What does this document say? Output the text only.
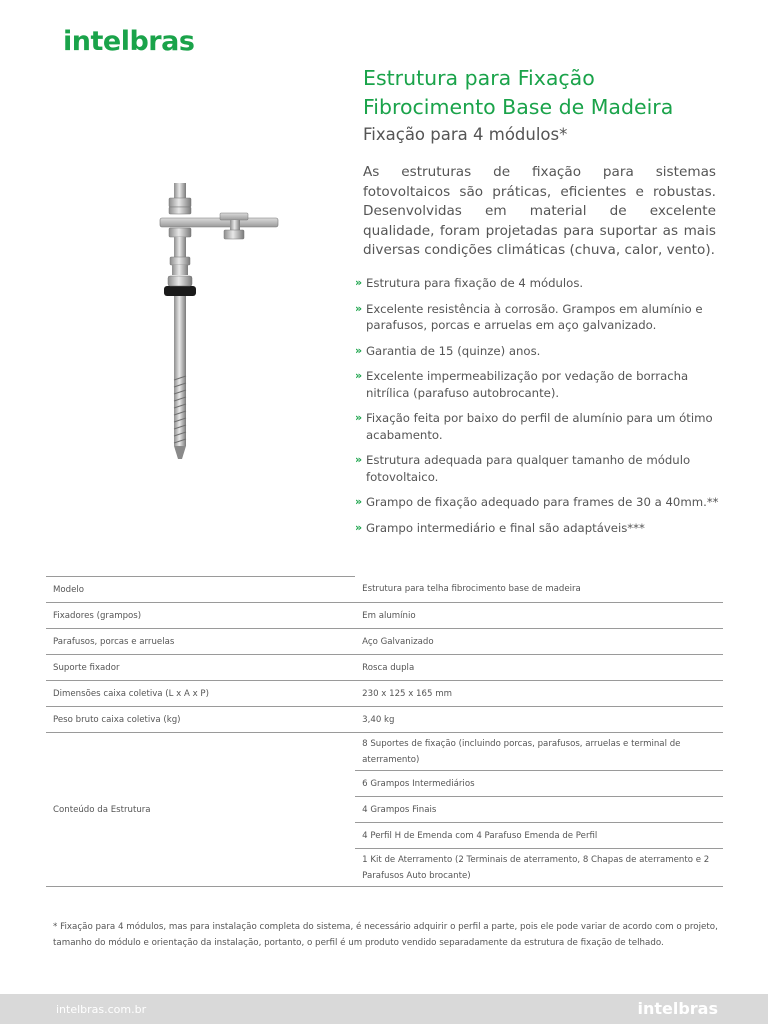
intelbras
Estrutura para Fixação
Fibrocimento Base de Madeira
Fixação para 4 módulos*
As estruturas de fixação para sistemas fotovoltaicos são práticas, eficientes e robustas. Desenvolvidas em material de excelente qualidade, foram projetadas para suportar as mais diversas condições climáticas (chuva, calor, vento).
» Estrutura para fixação de 4 módulos.
» Excelente resistência à corrosão. Grampos em alumínio e parafusos, porcas e arruelas em aço galvanizado.
» Garantia de 15 (quinze) anos.
» Excelente impermeabilização por vedação de borracha nitrílica (parafuso autobrocante).
» Fixação feita por baixo do perfil de alumínio para um ótimo acabamento.
» Estrutura adequada para qualquer tamanho de módulo fotovoltaico.
» Grampo de fixação adequado para frames de 30 a 40mm.**
» Grampo intermediário e final são adaptáveis***
Modelo	Estrutura para telha fibrocimento base de madeira
Fixadores (grampos)	Em alumínio
Parafusos, porcas e arruelas	Aço Galvanizado
Suporte fixador	Rosca dupla
Dimensões caixa coletiva (L x A x P)	230 x 125 x 165 mm
Peso bruto caixa coletiva (kg)	3,40 kg
Conteúdo da Estrutura	8 Suportes de fixação (incluindo porcas, parafusos, arruelas e terminal de aterramento)
	6 Grampos Intermediários
	4 Grampos Finais
	4 Perfil H de Emenda com 4 Parafuso Emenda de Perfil
	1 Kit de Aterramento (2 Terminais de aterramento, 8 Chapas de aterramento e 2 Parafusos Auto brocante)
* Fixação para 4 módulos, mas para instalação completa do sistema, é necessário adquirir o perfil a parte, pois ele pode variar de acordo com o projeto, tamanho do módulo e orientação da instalação, portanto, o perfil é um produto vendido separadamente da estrutura de fixação de telhado.
intelbras.com.br	intelbras
